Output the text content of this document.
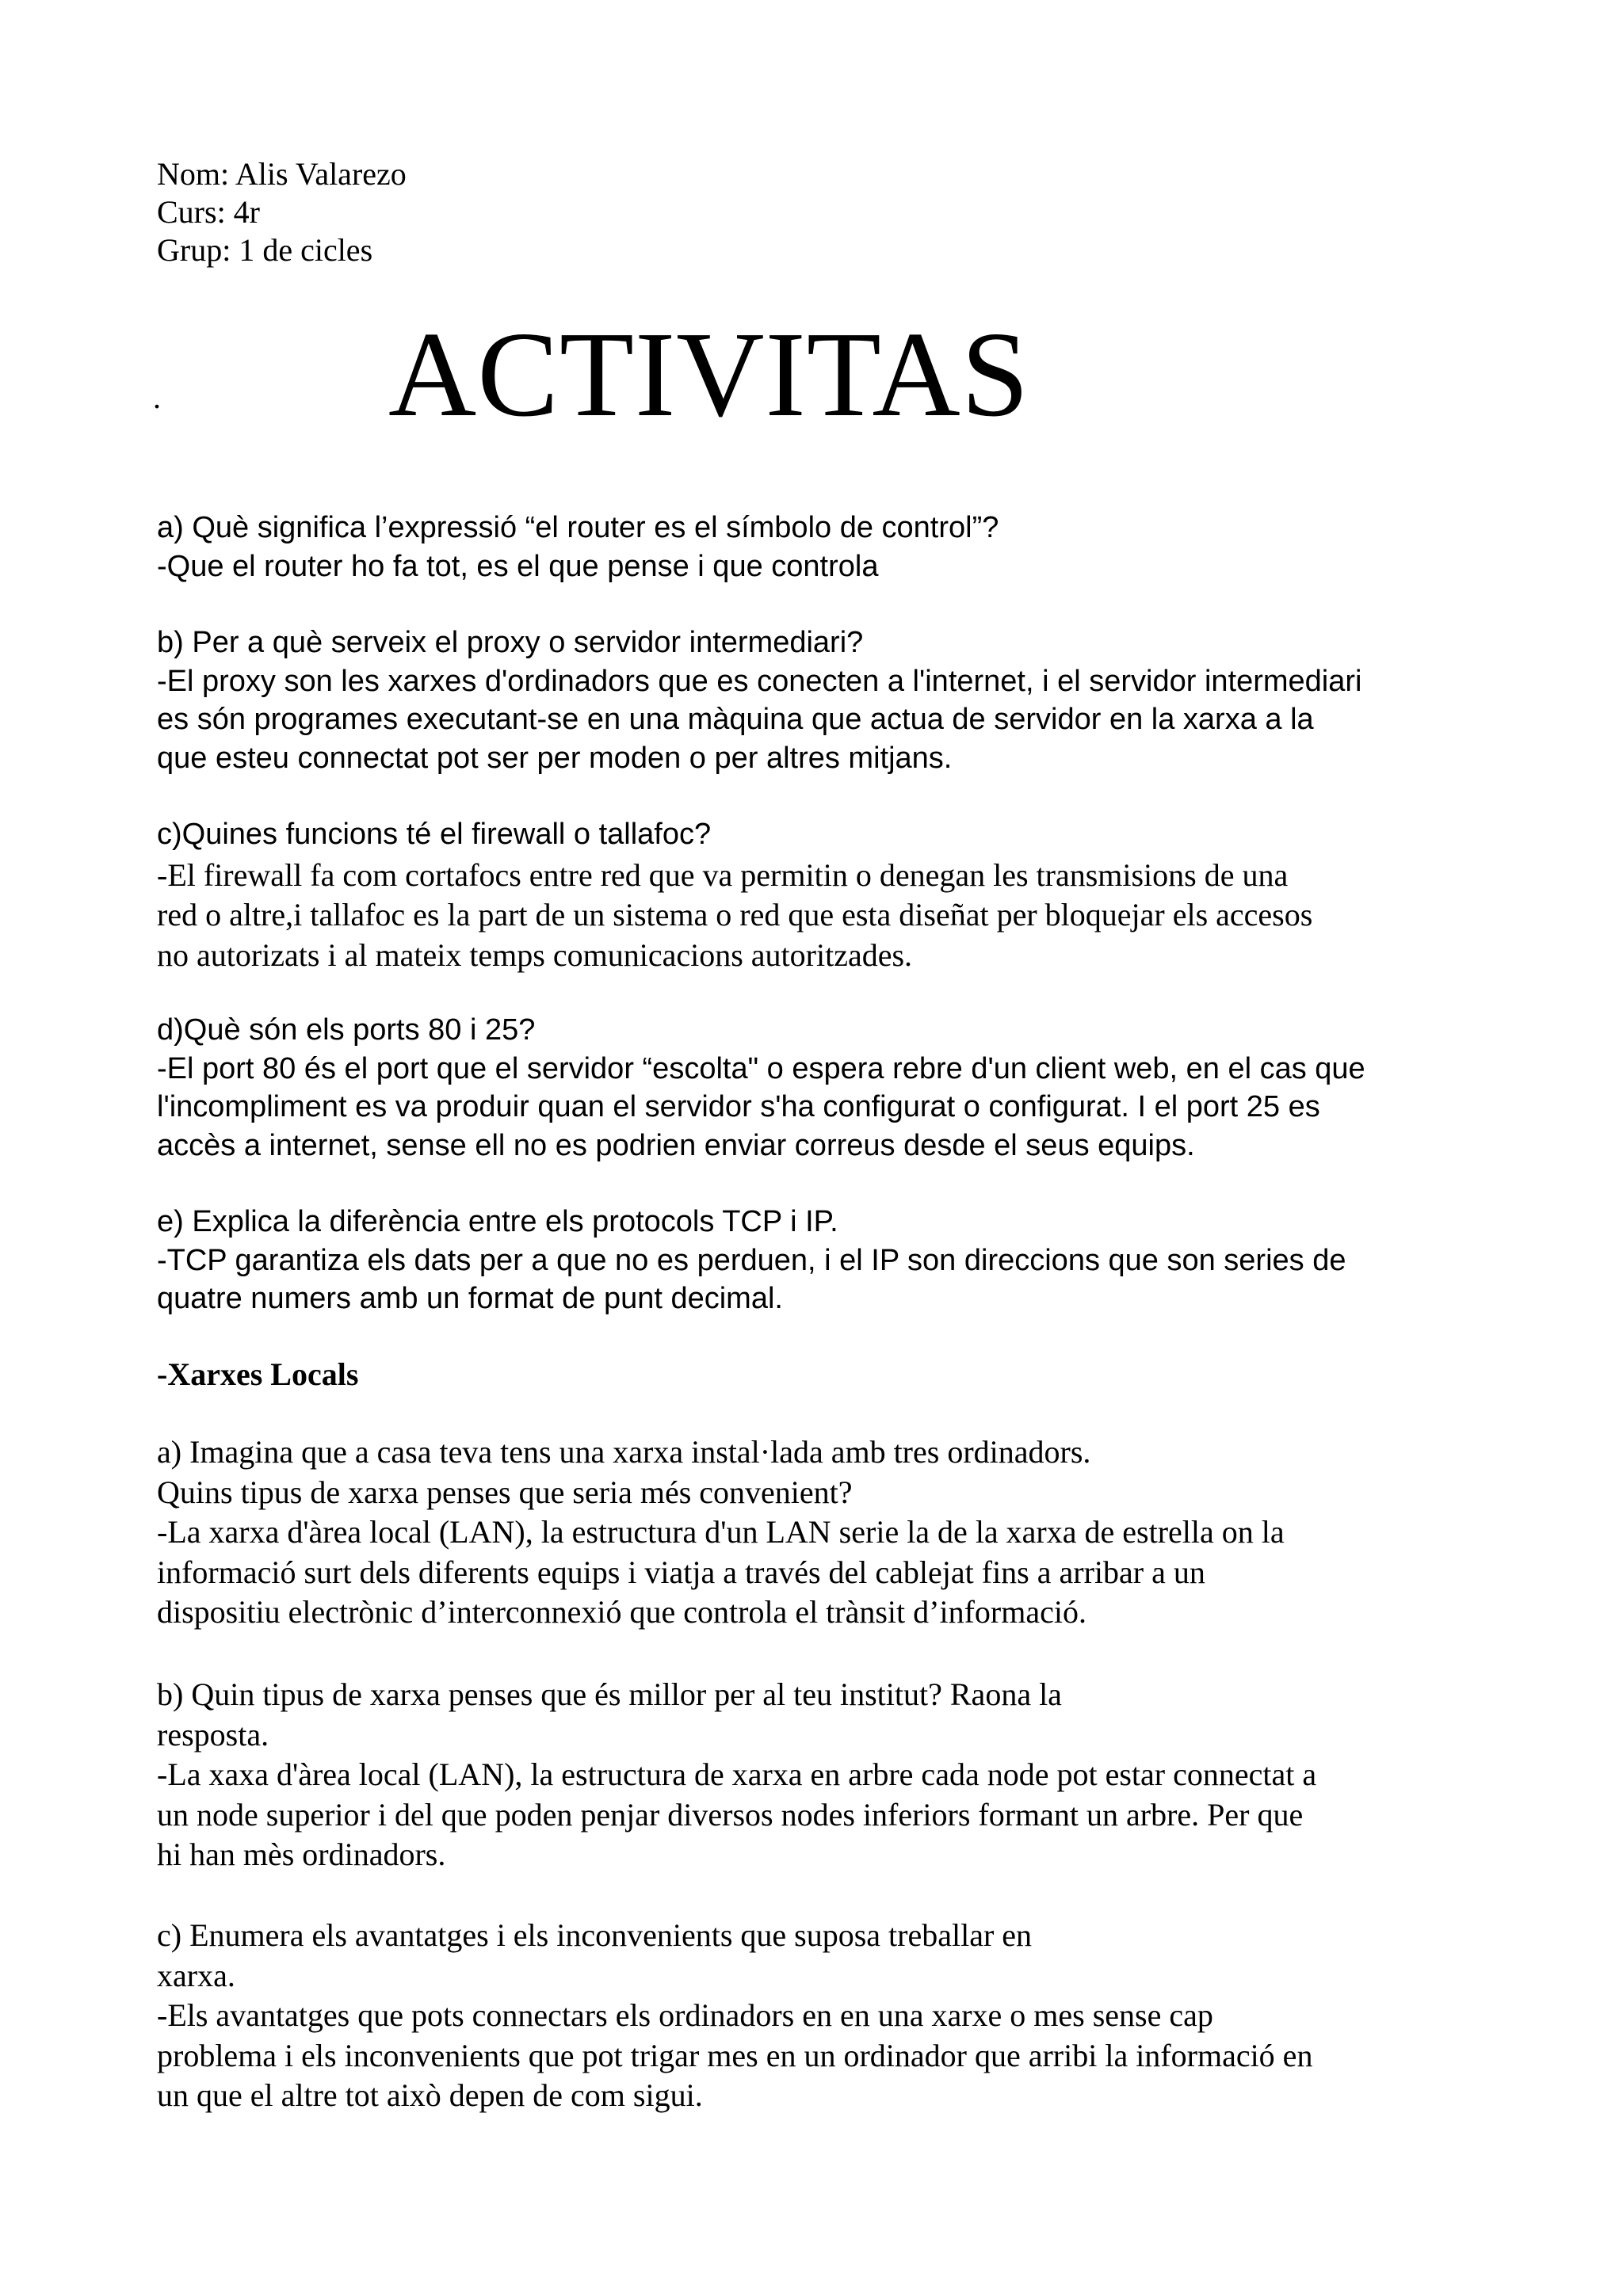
Nom: Alis Valarezo
Curs: 4r
Grup: 1 de cicles
. ACTIVITAS
a) Què significa l’expressió “el router es el símbolo de control”?
-Que el router ho fa tot, es el que pense i que controla
b) Per a què serveix el proxy o servidor intermediari?
-El proxy son les xarxes d'ordinadors que es conecten a l'internet, i el servidor intermediari
es són programes executant-se en una màquina que actua de servidor en la xarxa a la
que esteu connectat pot ser per moden o per altres mitjans.
c)Quines funcions té el firewall o tallafoc?
-El firewall fa com cortafocs entre red que va permitin o denegan les transmisions de una
red o altre,i tallafoc es la part de un sistema o red que esta diseñat per bloquejar els accesos
no autorizats i al mateix temps comunicacions autoritzades.
d)Què són els ports 80 i 25?
-El port 80 és el port que el servidor “escolta" o espera rebre d'un client web, en el cas que
l'incompliment es va produir quan el servidor s'ha configurat o configurat. I el port 25 es
accès a internet, sense ell no es podrien enviar correus desde el seus equips.
e) Explica la diferència entre els protocols TCP i IP.
-TCP garantiza els dats per a que no es perduen, i el IP son direccions que son series de
quatre numers amb un format de punt decimal.
-Xarxes Locals
a) Imagina que a casa teva tens una xarxa instal·lada amb tres ordinadors.
Quins tipus de xarxa penses que seria més convenient?
-La xarxa d'àrea local (LAN), la estructura d'un LAN serie la de la xarxa de estrella on la
informació surt dels diferents equips i viatja a través del cablejat fins a arribar a un
dispositiu electrònic d’interconnexió que controla el trànsit d’informació.
b) Quin tipus de xarxa penses que és millor per al teu institut? Raona la
resposta.
-La xaxa d'àrea local (LAN), la estructura de xarxa en arbre cada node pot estar connectat a
un node superior i del que poden penjar diversos nodes inferiors formant un arbre. Per que
hi han mès ordinadors.
c) Enumera els avantatges i els inconvenients que suposa treballar en
xarxa.
-Els avantatges que pots connectars els ordinadors en en una xarxe o mes sense cap
problema i els inconvenients que pot trigar mes en un ordinador que arribi la informació en
un que el altre tot això depen de com sigui.
